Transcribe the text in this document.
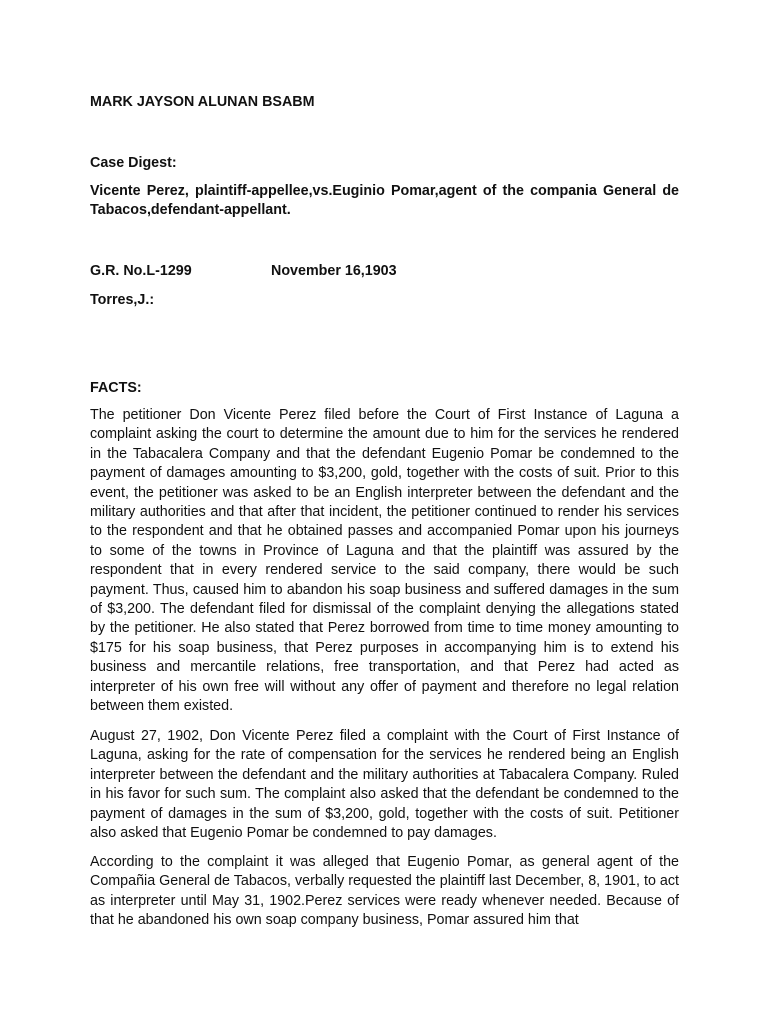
MARK JAYSON ALUNAN BSABM
Case Digest:
Vicente Perez, plaintiff-appellee,vs.Euginio Pomar,agent of the compania General de Tabacos,defendant-appellant.
G.R. No.L-1299	November 16,1903
Torres,J.:
FACTS:
The petitioner Don Vicente Perez filed before the Court of First Instance of Laguna a complaint asking the court to determine the amount due to him for the services he rendered in the Tabacalera Company and that the defendant Eugenio Pomar be condemned to the payment of damages amounting to $3,200, gold, together with the costs of suit. Prior to this event, the petitioner was asked to be an English interpreter between the defendant and the military authorities and that after that incident, the petitioner continued to render his services to the respondent and that he obtained passes and accompanied Pomar upon his journeys to some of the towns in Province of Laguna and that the plaintiff was assured by the respondent that in every rendered service to the said company, there would be such payment. Thus, caused him to abandon his soap business and suffered damages in the sum of $3,200. The defendant filed for dismissal of the complaint denying the allegations stated by the petitioner. He also stated that Perez borrowed from time to time money amounting to $175 for his soap business, that Perez purposes in accompanying him is to extend his business and mercantile relations, free transportation, and that Perez had acted as interpreter of his own free will without any offer of payment and therefore no legal relation between them existed.
August 27, 1902, Don Vicente Perez filed a complaint with the Court of First Instance of Laguna, asking for the rate of compensation for the services he rendered being an English interpreter between the defendant and the military authorities at Tabacalera Company. Ruled in his favor for such sum. The complaint also asked that the defendant be condemned to the payment of damages in the sum of $3,200, gold, together with the costs of suit. Petitioner also asked that Eugenio Pomar be condemned to pay damages.
According to the complaint it was alleged that Eugenio Pomar, as general agent of the Compañia General de Tabacos, verbally requested the plaintiff last December, 8, 1901, to act as interpreter until May 31, 1902.Perez services were ready whenever needed. Because of that he abandoned his own soap company business, Pomar assured him that
